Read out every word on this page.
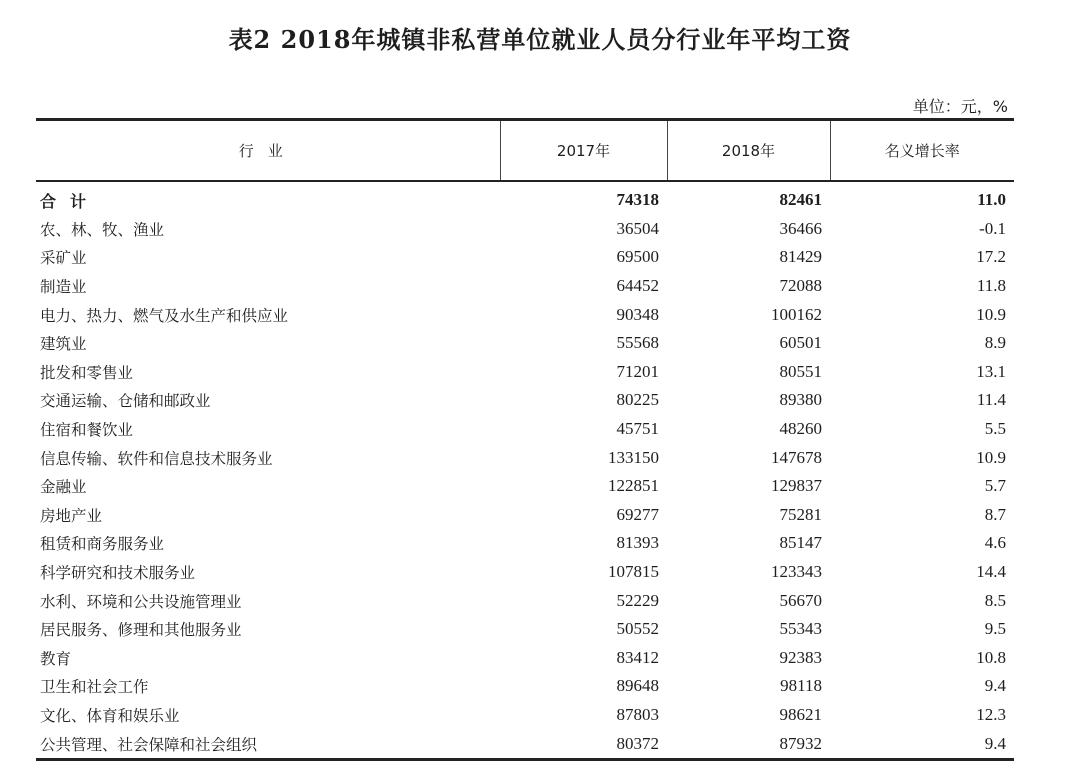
表2 2018年城镇非私营单位就业人员分行业年平均工资
单位：元，%
行业	2017年	2018年	名义增长率
合计	74318	82461	11.0
农、林、牧、渔业	36504	36466	-0.1
采矿业	69500	81429	17.2
制造业	64452	72088	11.8
电力、热力、燃气及水生产和供应业	90348	100162	10.9
建筑业	55568	60501	8.9
批发和零售业	71201	80551	13.1
交通运输、仓储和邮政业	80225	89380	11.4
住宿和餐饮业	45751	48260	5.5
信息传输、软件和信息技术服务业	133150	147678	10.9
金融业	122851	129837	5.7
房地产业	69277	75281	8.7
租赁和商务服务业	81393	85147	4.6
科学研究和技术服务业	107815	123343	14.4
水利、环境和公共设施管理业	52229	56670	8.5
居民服务、修理和其他服务业	50552	55343	9.5
教育	83412	92383	10.8
卫生和社会工作	89648	98118	9.4
文化、体育和娱乐业	87803	98621	12.3
公共管理、社会保障和社会组织	80372	87932	9.4
